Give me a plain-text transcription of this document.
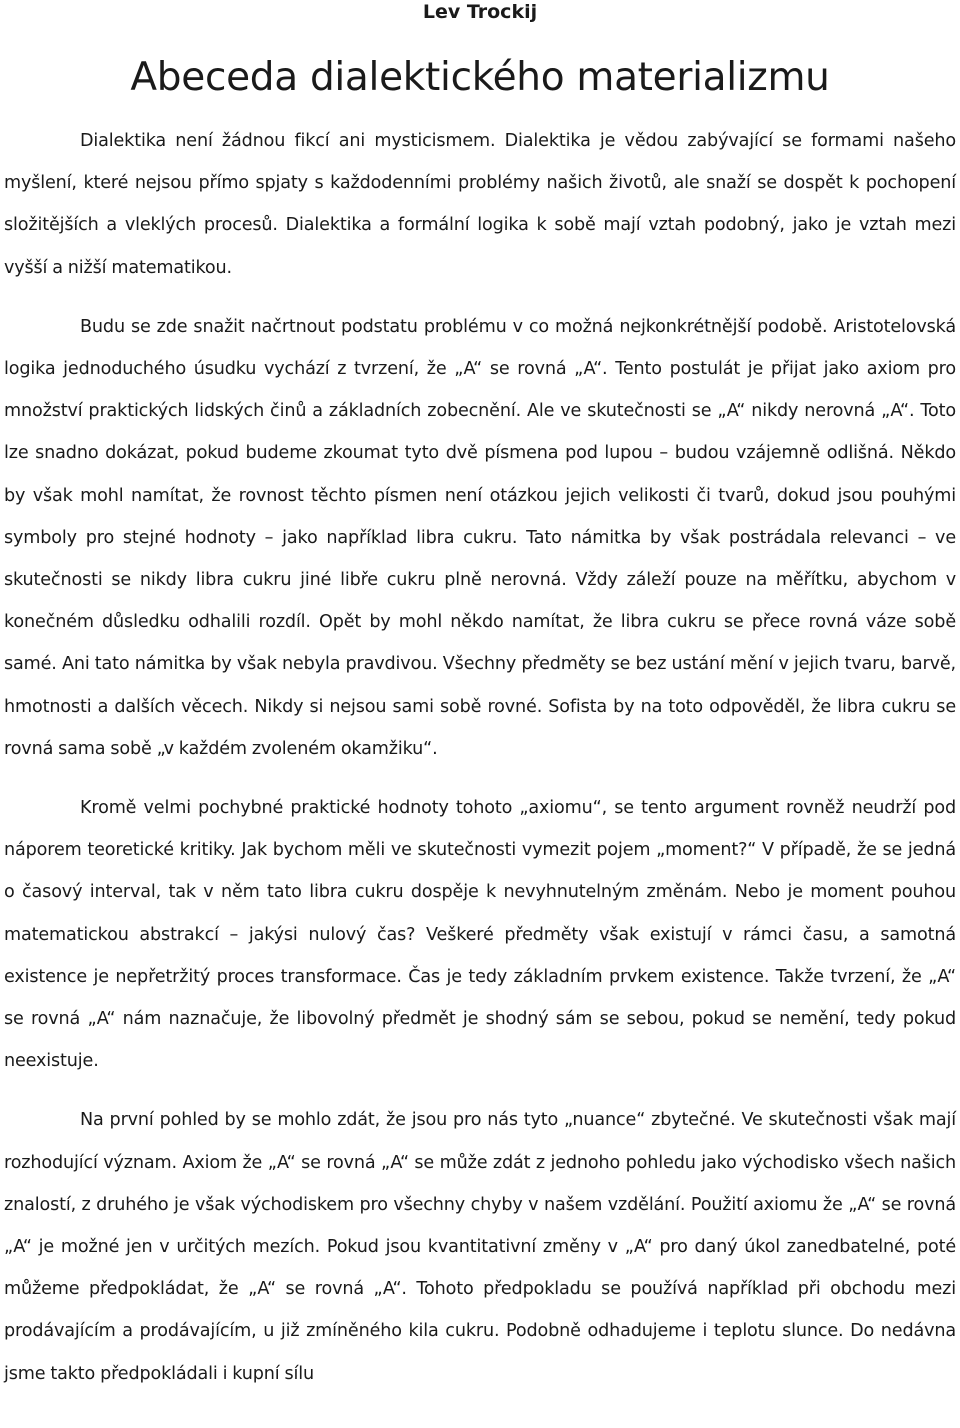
Lev Trockij

Abeceda dialektického materializmu

Dialektika není žádnou fikcí ani mysticismem. Dialektika je vědou zabývající se formami našeho myšlení, které nejsou přímo spjaty s každodenními problémy našich životů, ale snaží se dospět k pochopení složitějších a vleklých procesů. Dialektika a formální logika k sobě mají vztah podobný, jako je vztah mezi vyšší a nižší matematikou.

Budu se zde snažit načrtnout podstatu problému v co možná nejkonkrétnější podobě. Aristotelovská logika jednoduchého úsudku vychází z tvrzení, že „A“ se rovná „A“. Tento postulát je přijat jako axiom pro množství praktických lidských činů a základních zobecnění. Ale ve skutečnosti se „A“ nikdy nerovná „A“. Toto lze snadno dokázat, pokud budeme zkoumat tyto dvě písmena pod lupou – budou vzájemně odlišná. Někdo by však mohl namítat, že rovnost těchto písmen není otázkou jejich velikosti či tvarů, dokud jsou pouhými symboly pro stejné hodnoty – jako například libra cukru. Tato námitka by však postrádala relevanci – ve skutečnosti se nikdy libra cukru jiné libře cukru plně nerovná. Vždy záleží pouze na měřítku, abychom v konečném důsledku odhalili rozdíl. Opět by mohl někdo namítat, že libra cukru se přece rovná váze sobě samé. Ani tato námitka by však nebyla pravdivou. Všechny předměty se bez ustání mění v jejich tvaru, barvě, hmotnosti a dalších věcech. Nikdy si nejsou sami sobě rovné. Sofista by na toto odpověděl, že libra cukru se rovná sama sobě „v každém zvoleném okamžiku“.

Kromě velmi pochybné praktické hodnoty tohoto „axiomu“, se tento argument rovněž neudrží pod náporem teoretické kritiky. Jak bychom měli ve skutečnosti vymezit pojem „moment?“ V případě, že se jedná o časový interval, tak v něm tato libra cukru dospěje k nevyhnutelným změnám. Nebo je moment pouhou matematickou abstrakcí – jakýsi nulový čas? Veškeré předměty však existují v rámci času, a samotná existence je nepřetržitý proces transformace. Čas je tedy základním prvkem existence. Takže tvrzení, že „A“ se rovná „A“ nám naznačuje, že libovolný předmět je shodný sám se sebou, pokud se nemění, tedy pokud neexistuje.

Na první pohled by se mohlo zdát, že jsou pro nás tyto „nuance“ zbytečné. Ve skutečnosti však mají rozhodující význam. Axiom že „A“ se rovná „A“ se může zdát z jednoho pohledu jako východisko všech našich znalostí, z druhého je však východiskem pro všechny chyby v našem vzdělání. Použití axiomu že „A“ se rovná „A“ je možné jen v určitých mezích. Pokud jsou kvantitativní změny v „A“ pro daný úkol zanedbatelné, poté můžeme předpokládat, že „A“ se rovná „A“. Tohoto předpokladu se používá například při obchodu mezi prodávajícím a prodávajícím, u již zmíněného kila cukru. Podobně odhadujeme i teplotu slunce. Do nedávna jsme takto předpokládali i kupní sílu
